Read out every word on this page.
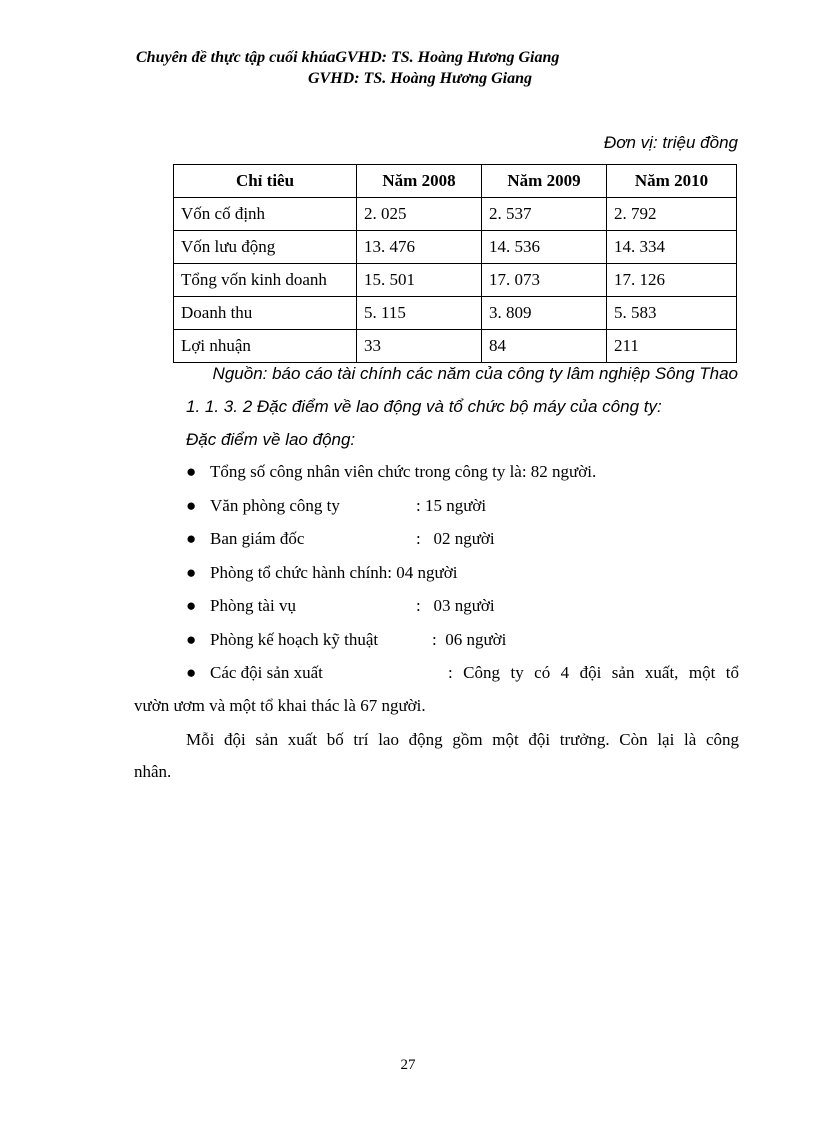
Chuyên đề thực tập cuối khúaGVHD: TS. Hoàng Hương Giang
GVHD: TS. Hoàng Hương Giang
Đơn vị: triệu đồng
Chỉ tiêu	Năm 2008	Năm 2009	Năm 2010
Vốn cố định	2. 025	2. 537	2. 792
Vốn lưu động	13. 476	14. 536	14. 334
Tổng vốn kinh doanh	15. 501	17. 073	17. 126
Doanh thu	5. 115	3. 809	5. 583
Lợi nhuận	33	84	211
Nguồn: báo cáo tài chính các năm của công ty lâm nghiệp Sông Thao
1. 1. 3. 2 Đặc điểm về lao động và tổ chức bộ máy của công ty:
Đặc điểm về lao động:
● Tổng số công nhân viên chức trong công ty là: 82 người.
● Văn phòng công ty	: 15 người
● Ban giám đốc	:   02 người
● Phòng tổ chức hành chính: 04 người
● Phòng tài vụ	:   03 người
● Phòng kế hoạch kỹ thuật	:  06 người
● Các đội sản xuất	: Công ty có 4 đội sản xuất, một tổ
vườn ươm và một tổ khai thác là 67 người.
Mỗi đội sản xuất bố trí lao động gồm một đội trưởng. Còn lại là công
nhân.
27
